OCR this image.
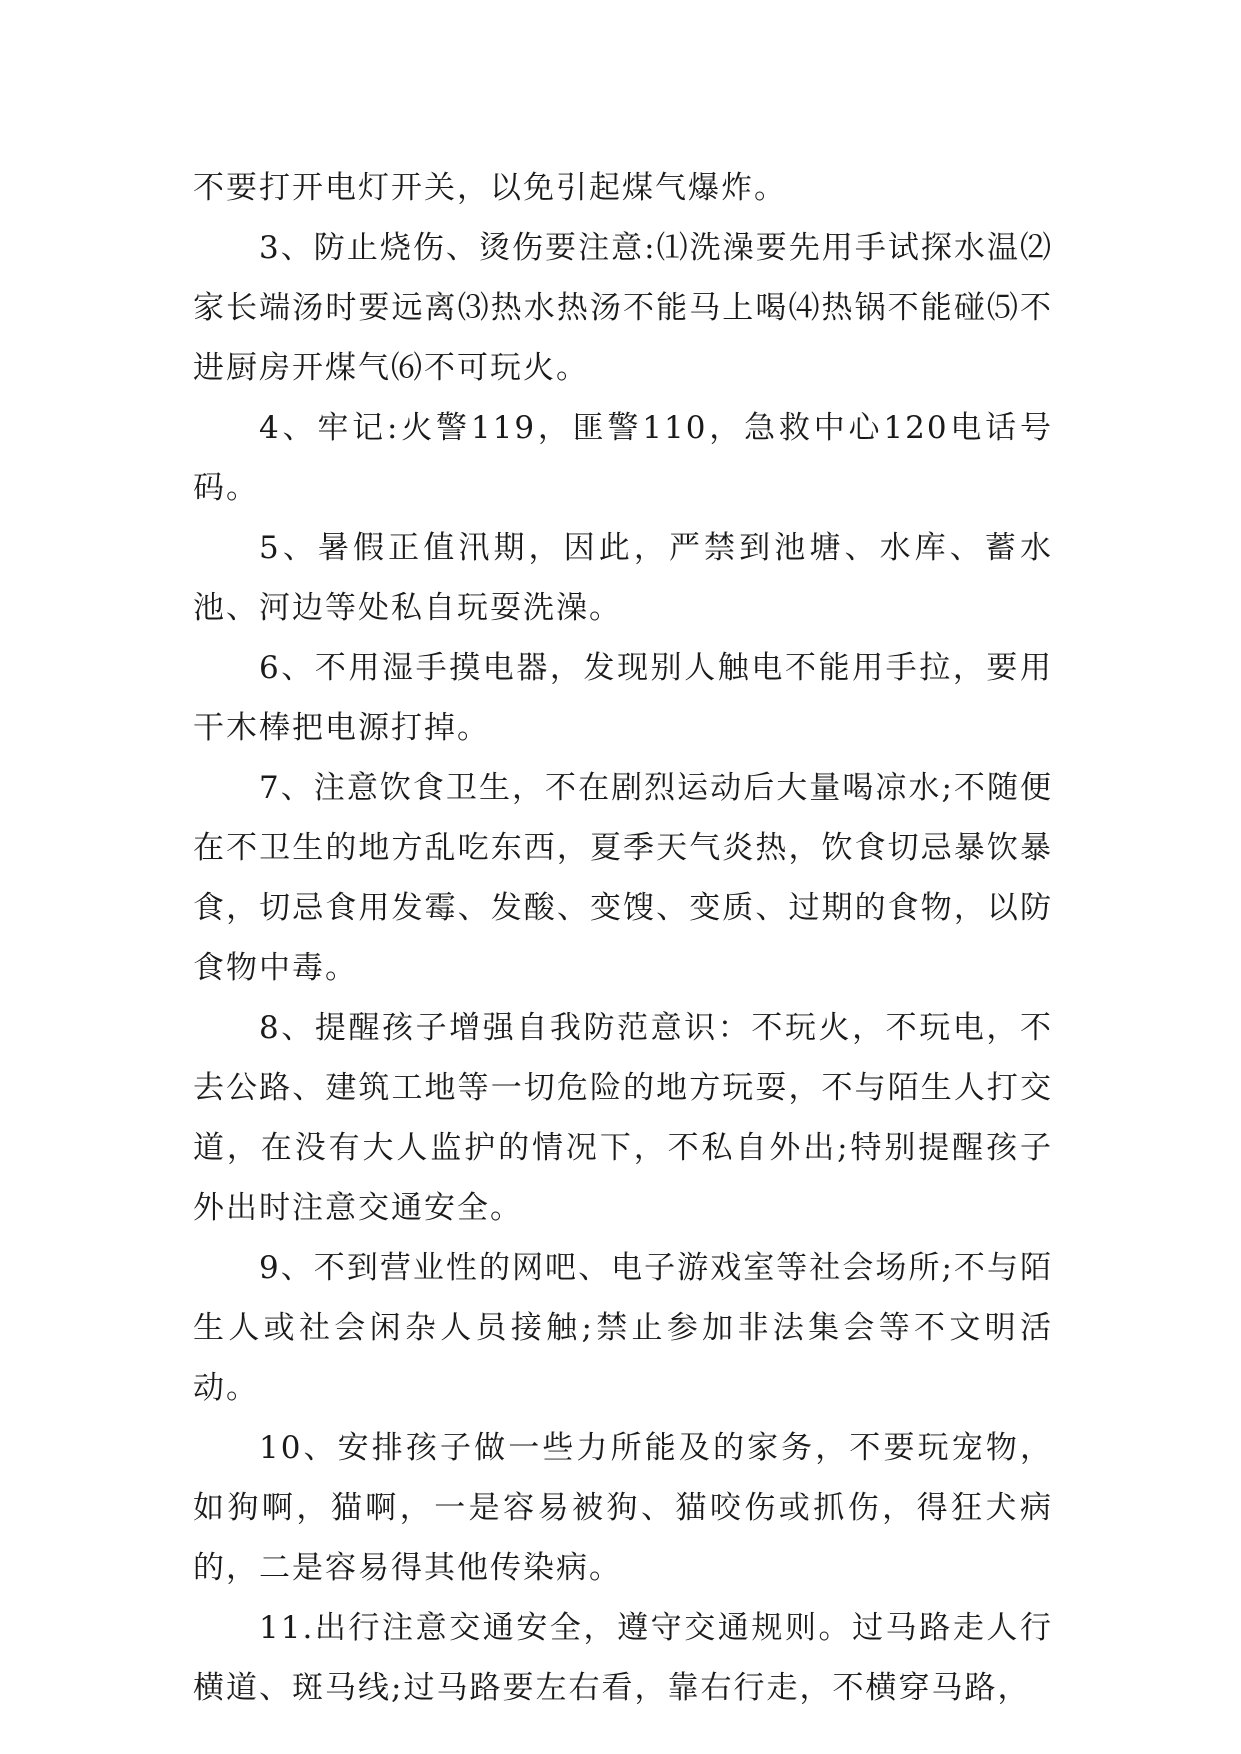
不要打开电灯开关，以免引起煤气爆炸。

3、防止烧伤、烫伤要注意:⑴洗澡要先用手试探水温⑵家长端汤时要远离⑶热水热汤不能马上喝⑷热锅不能碰⑸不进厨房开煤气⑹不可玩火。

4、牢记:火警119，匪警110，急救中心120电话号码。

5、暑假正值汛期，因此，严禁到池塘、水库、蓄水池、河边等处私自玩耍洗澡。

6、不用湿手摸电器，发现别人触电不能用手拉，要用干木棒把电源打掉。

7、注意饮食卫生，不在剧烈运动后大量喝凉水;不随便在不卫生的地方乱吃东西，夏季天气炎热，饮食切忌暴饮暴食，切忌食用发霉、发酸、变馊、变质、过期的食物，以防食物中毒。

8、提醒孩子增强自我防范意识：不玩火，不玩电，不去公路、建筑工地等一切危险的地方玩耍，不与陌生人打交道，在没有大人监护的情况下，不私自外出;特别提醒孩子外出时注意交通安全。

9、不到营业性的网吧、电子游戏室等社会场所;不与陌生人或社会闲杂人员接触;禁止参加非法集会等不文明活动。

10、安排孩子做一些力所能及的家务，不要玩宠物，如狗啊，猫啊，一是容易被狗、猫咬伤或抓伤，得狂犬病的，二是容易得其他传染病。

11.出行注意交通安全，遵守交通规则。过马路走人行横道、斑马线;过马路要左右看，靠右行走，不横穿马路，
